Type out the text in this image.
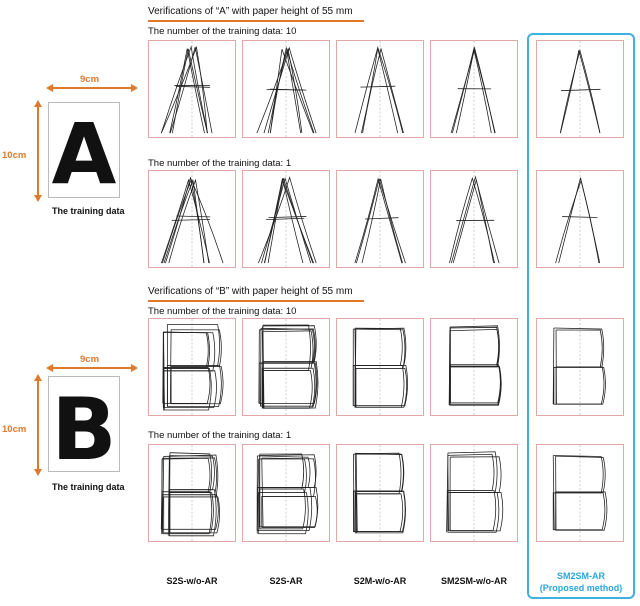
Verifications of “A” with paper height of 55 mm
The number of the training data: 10
The number of the training data: 1
Verifications of “B” with paper height of 55 mm
The number of the training data: 10
The number of the training data: 1
9cm
10cm A
The training data
9cm
10cm B
The training data
S2S-w/o-AR	S2S-AR	S2M-w/o-AR	SM2SM-w/o-AR	SM2SM-AR
(Proposed method)
